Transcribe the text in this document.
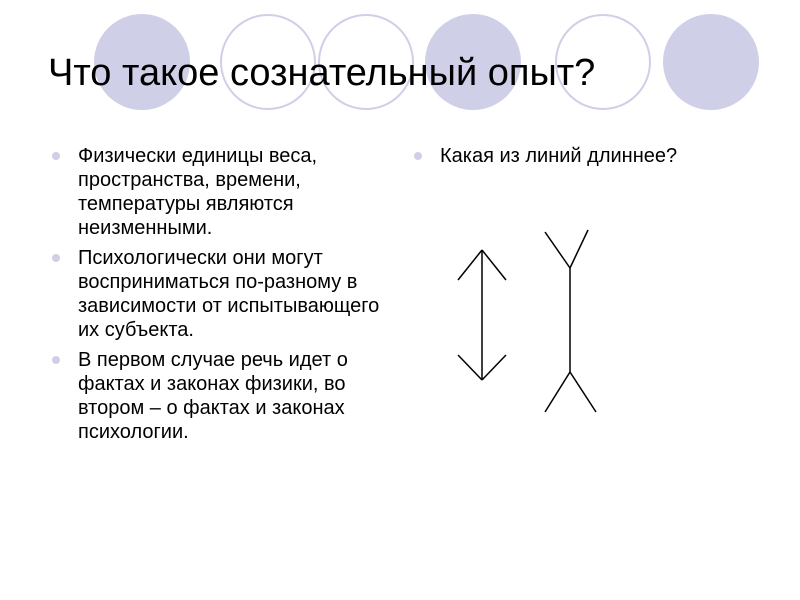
Что такое сознательный опыт?
Физически единицы веса, пространства, времени, температуры являются неизменными.
Психологически они могут восприниматься по-разному в зависимости от испытывающего их субъекта.
В первом случае речь идет о фактах и законах физики, во втором – о фактах и законах психологии.
Какая из линий длиннее?
